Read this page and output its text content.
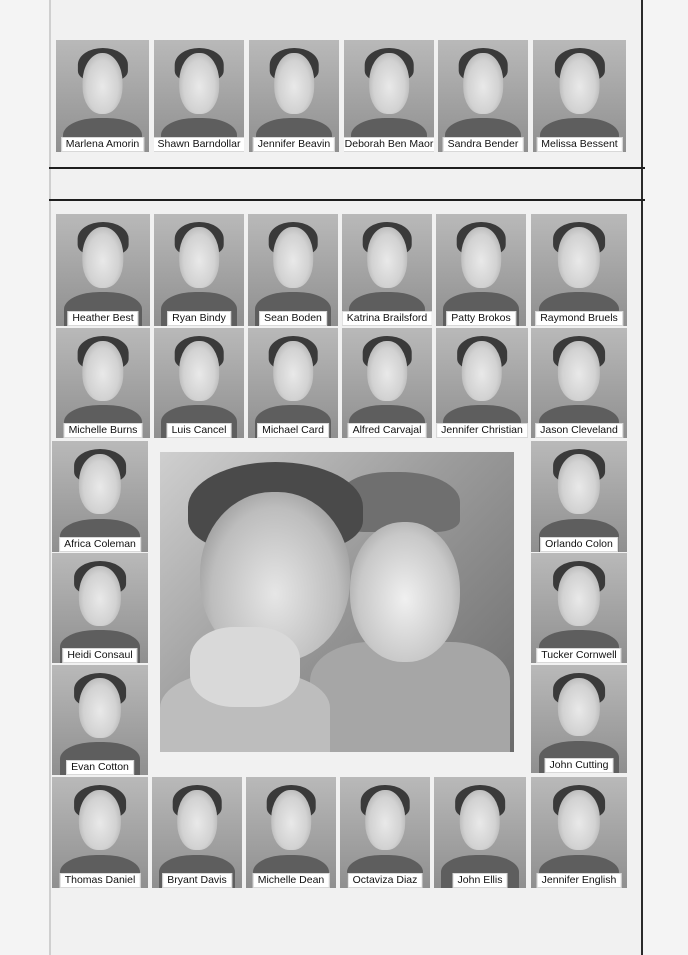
Marlena Amorin	Shawn Barndollar	Jennifer Beavin	Deborah Ben Maor	Sandra Bender	Melissa Bessent
Heather Best	Ryan Bindy	Sean Boden	Katrina Brailsford	Patty Brokos	Raymond Bruels
Michelle Burns	Luis Cancel	Michael Card	Alfred Carvajal	Jennifer Christian	Jason Cleveland
Africa Coleman
Heidi Consaul
Evan Cotton
Orlando Colon
Tucker Cornwell
John Cutting
Thomas Daniel	Bryant Davis	Michelle Dean	Octaviza Diaz	John Ellis	Jennifer English
